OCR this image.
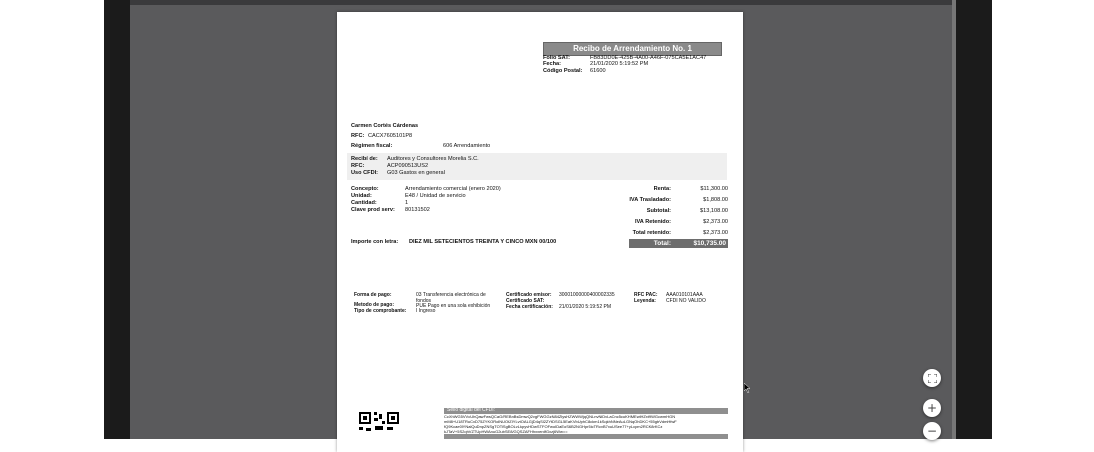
Recibo de Arrendamiento No. 1
Folio SAT:	FB83DD0E-425B-4A00-A46F-075CA5E1AC47
Fecha:	21/01/2020 5:19:52 PM
Código Postal: 61600
Carmen Cortés Cárdenas
RFC: CACX7605101P8
Régimen fiscal:	606 Arrendamiento
Recibí de: Auditores y Consultores Morelia S.C.
RFC:	ACP090513US2
Uso CFDI: G03 Gastos en general
Concepto:	Arrendamiento comercial (enero 2020)
Unidad:	E48 / Unidad de servicio
Cantidad:	1
Clave prod serv: 80131502
Renta:	$11,300.00
IVA Trasladado:	$1,808.00
Subtotal:	$13,108.00
IVA Retenido:	$2,373.00
Total retenido:	$2,373.00
Total:	$10,735.00
Importe con letra: DIEZ MIL SETECIENTOS TREINTA Y CINCO MXN 00/100
Forma de pago:	03 Transferencia electrónica de
fondos
Metodo de pago:	PUE Pago en una sola exhibición
Tipo de comprobante: I Ingreso
Certificado emisor: 30001000000400002335
Certificado SAT:
Fecha certificación: 21/01/2020 5:19:52 PM
RFC PAC: AAA010101AAA
Leyenda: CFDI NO VALIDO
Sello digital del CFDI:
CcXhWG5VVcUhQawFwsQCaG/REBnBsDmwQ2vgFWGGzN84ZlysHZWWWjqQNLnvNiDvLaCnc5cuKHMEwlHZxt9WGcwmHGN
mM8+U18TRuCxD75ZYKORolNUOtZIYLvtOALGjD4qSl2ZYtDSGL5EaKVbUphC8ckm1kSqkhNNeAuLGNqOhDKC+55gbVdmHfwF
fQ9Kcae0lYNalQuDnpZNSgTOTiSgBOLvLkpyvHDwSTFOFwoIDaEoS6B2NGHpr5icTRcvB7xuUSee77+yLcpm2RCK8rKCz
kJTaV+5S2qhVZTUpHWAnuG2ubSE8/GQSZAFHhxxerdfGxzj6Ww==
+
−
